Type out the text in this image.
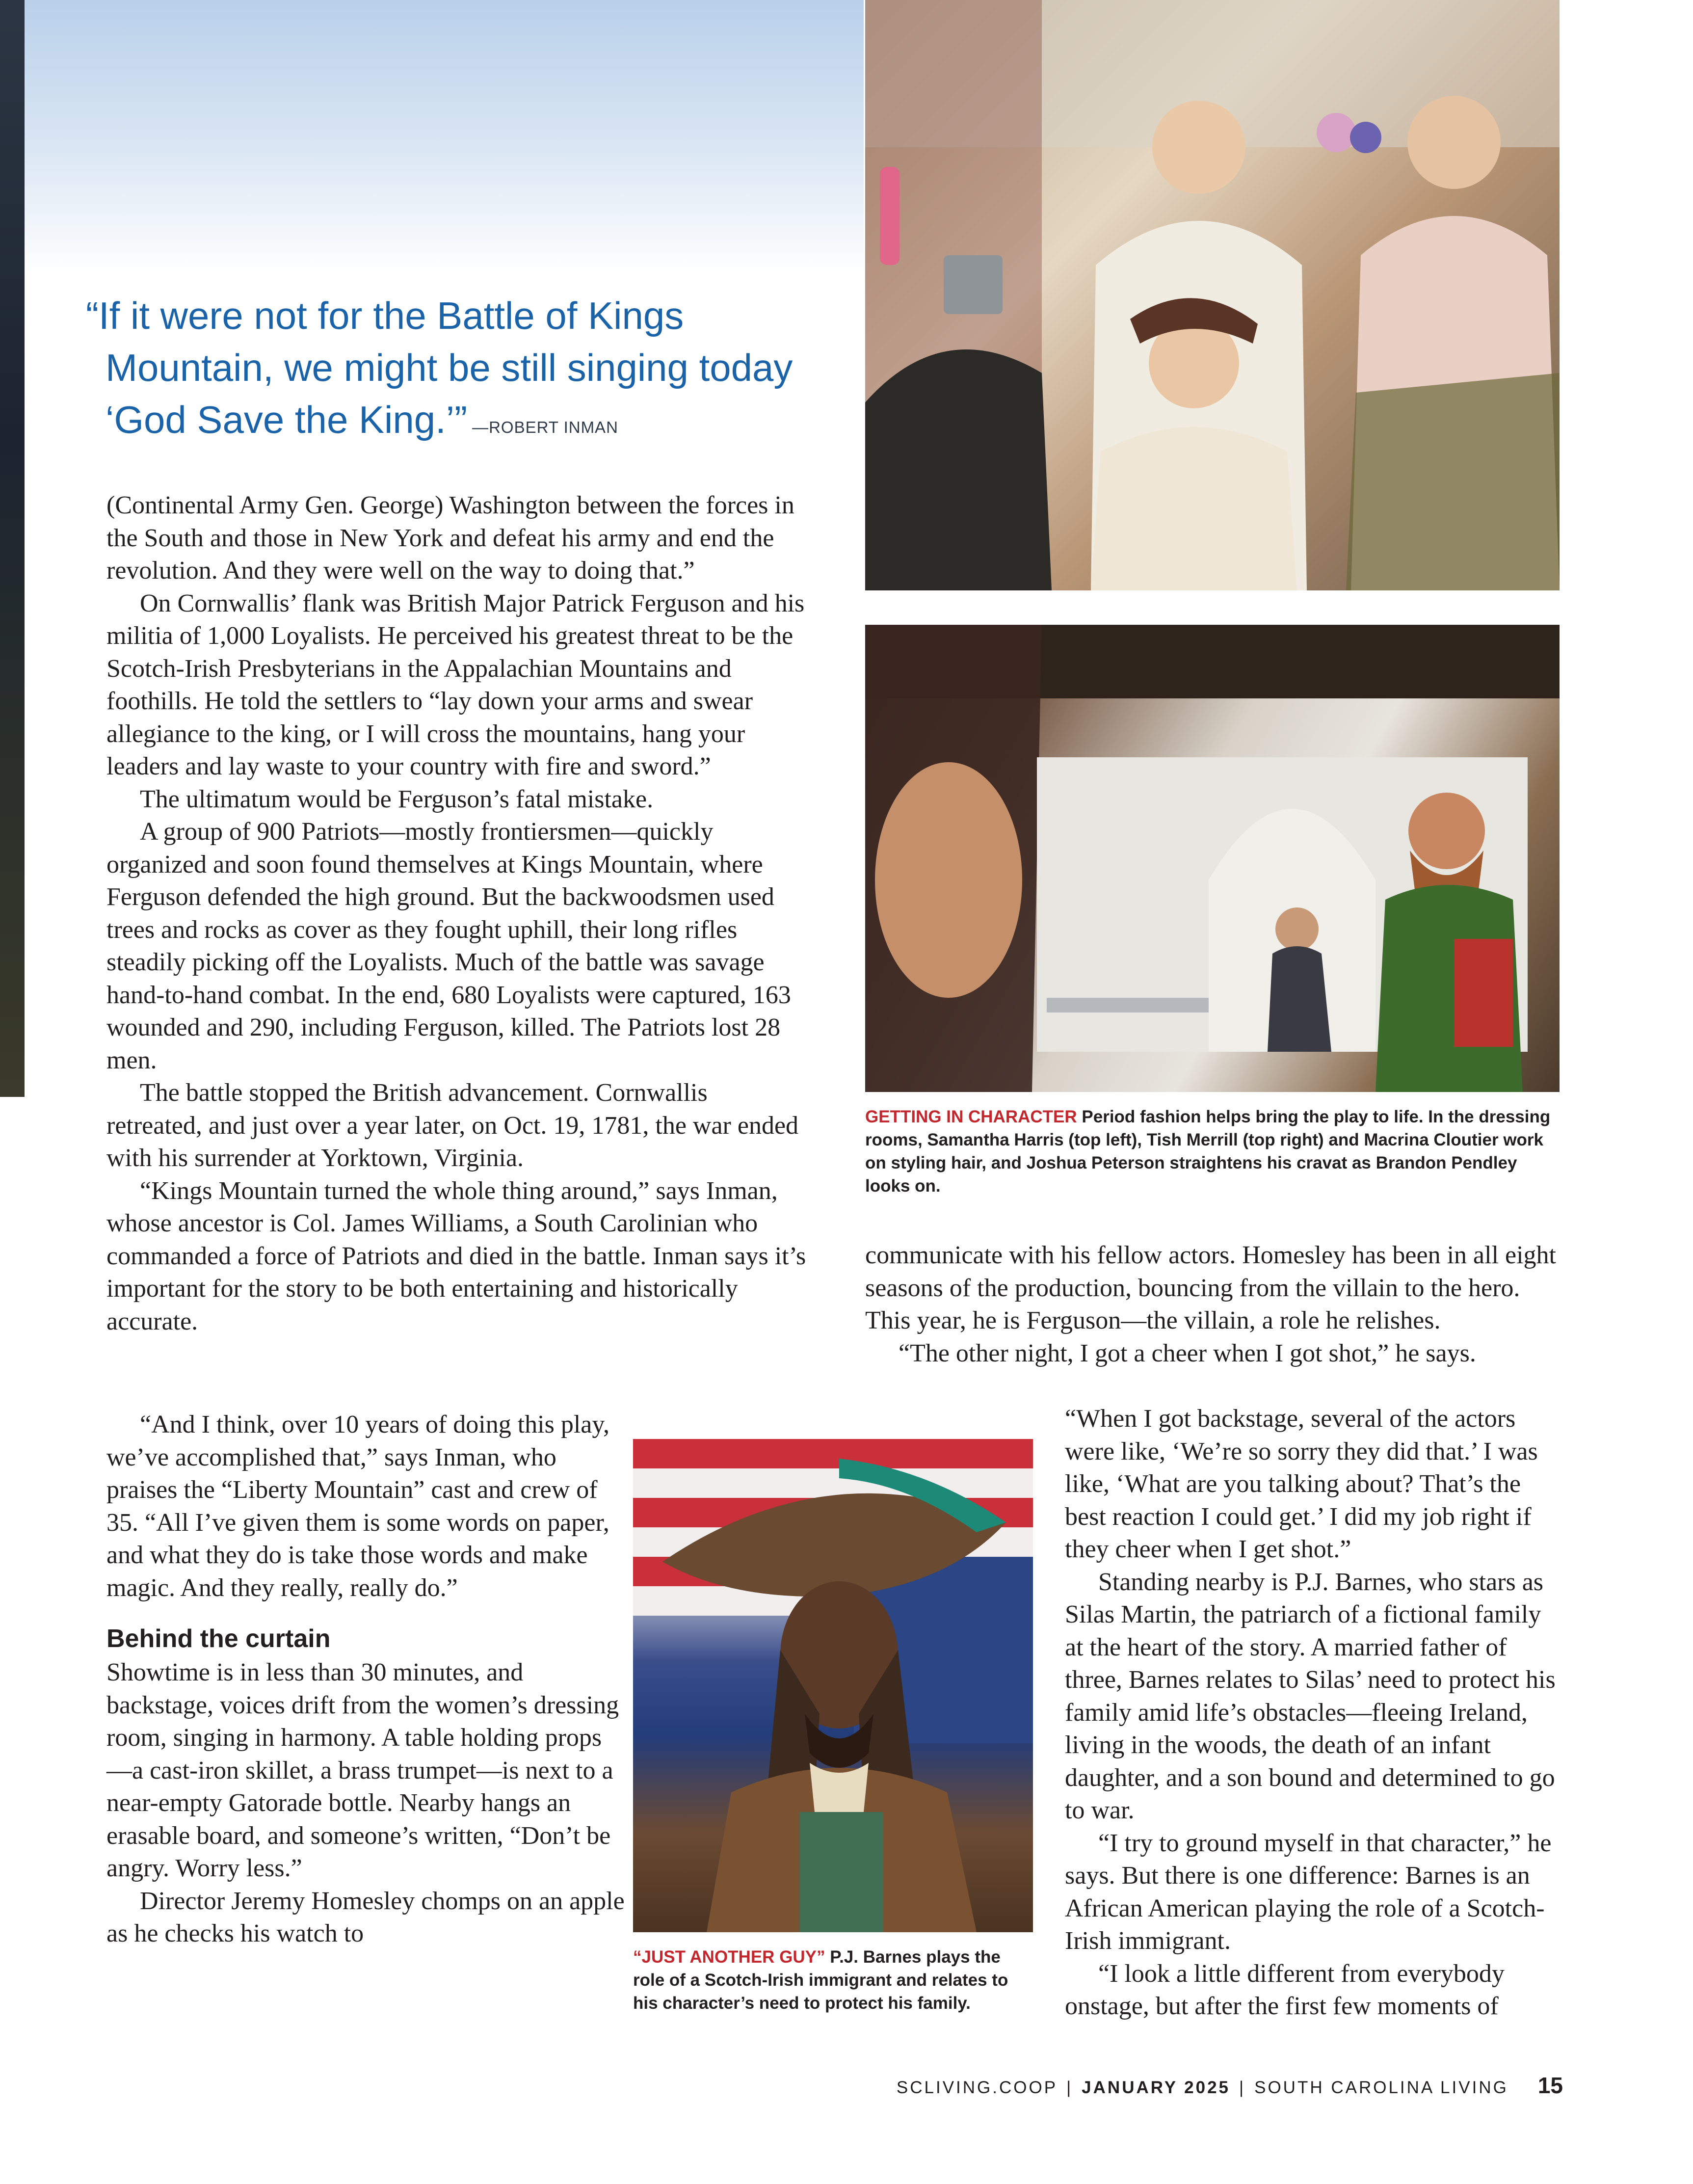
“If it were not for the Battle of Kings
Mountain, we might be still singing today
‘God Save the King.’” —ROBERT INMAN

(Continental Army Gen. George) Washington between the forces in the South and those in New York and defeat his army and end the revolution. And they were well on the way to doing that.”

On Cornwallis’ flank was British Major Patrick Ferguson and his militia of 1,000 Loyalists. He perceived his greatest threat to be the Scotch-Irish Presbyterians in the Appalachian Mountains and foothills. He told the settlers to “lay down your arms and swear allegiance to the king, or I will cross the mountains, hang your leaders and lay waste to your country with fire and sword.”

The ultimatum would be Ferguson’s fatal mistake.

A group of 900 Patriots—mostly frontiersmen—quickly organized and soon found themselves at Kings Mountain, where Ferguson defended the high ground. But the backwoodsmen used trees and rocks as cover as they fought uphill, their long rifles steadily picking off the Loyalists. Much of the battle was savage hand-to-hand combat. In the end, 680 Loyalists were captured, 163 wounded and 290, including Ferguson, killed. The Patriots lost 28 men.

The battle stopped the British advancement. Cornwallis retreated, and just over a year later, on Oct. 19, 1781, the war ended with his surrender at Yorktown, Virginia.

“Kings Mountain turned the whole thing around,” says Inman, whose ancestor is Col. James Williams, a South Carolinian who commanded a force of Patriots and died in the battle. Inman says it’s important for the story to be both entertaining and historically accurate.

“And I think, over 10 years of doing this play, we’ve accomplished that,” says Inman, who praises the “Liberty Mountain” cast and crew of 35. “All I’ve given them is some words on paper, and what they do is take those words and make magic. And they really, really do.”

Behind the curtain

Showtime is in less than 30 minutes, and backstage, voices drift from the women’s dressing room, singing in harmony. A table holding props—a cast-iron skillet, a brass trumpet—is next to a near-empty Gatorade bottle. Nearby hangs an erasable board, and someone’s written, “Don’t be angry. Worry less.”

Director Jeremy Homesley chomps on an apple as he checks his watch to

communicate with his fellow actors. Homesley has been in all eight seasons of the production, bouncing from the villain to the hero. This year, he is Ferguson—the villain, a role he relishes.

“The other night, I got a cheer when I got shot,” he says.

“When I got backstage, several of the actors were like, ‘We’re so sorry they did that.’ I was like, ‘What are you talking about? That’s the best reaction I could get.’ I did my job right if they cheer when I get shot.”

Standing nearby is P.J. Barnes, who stars as Silas Martin, the patriarch of a fictional family at the heart of the story. A married father of three, Barnes relates to Silas’ need to protect his family amid life’s obstacles—fleeing Ireland, living in the woods, the death of an infant daughter, and a son bound and determined to go to war.

“I try to ground myself in that character,” he says. But there is one difference: Barnes is an African American playing the role of a Scotch-Irish immigrant.

“I look a little different from everybody onstage, but after the first few moments of

GETTING IN CHARACTER Period fashion helps bring the play to life. In the dressing rooms, Samantha Harris (top left), Tish Merrill (top right) and Macrina Cloutier work on styling hair, and Joshua Peterson straightens his cravat as Brandon Pendley looks on.
“JUST ANOTHER GUY” P.J. Barnes plays the role of a Scotch-Irish immigrant and relates to his character’s need to protect his family.
SCLIVING.COOP | JANUARY 2025 | SOUTH CAROLINA LIVING 15
